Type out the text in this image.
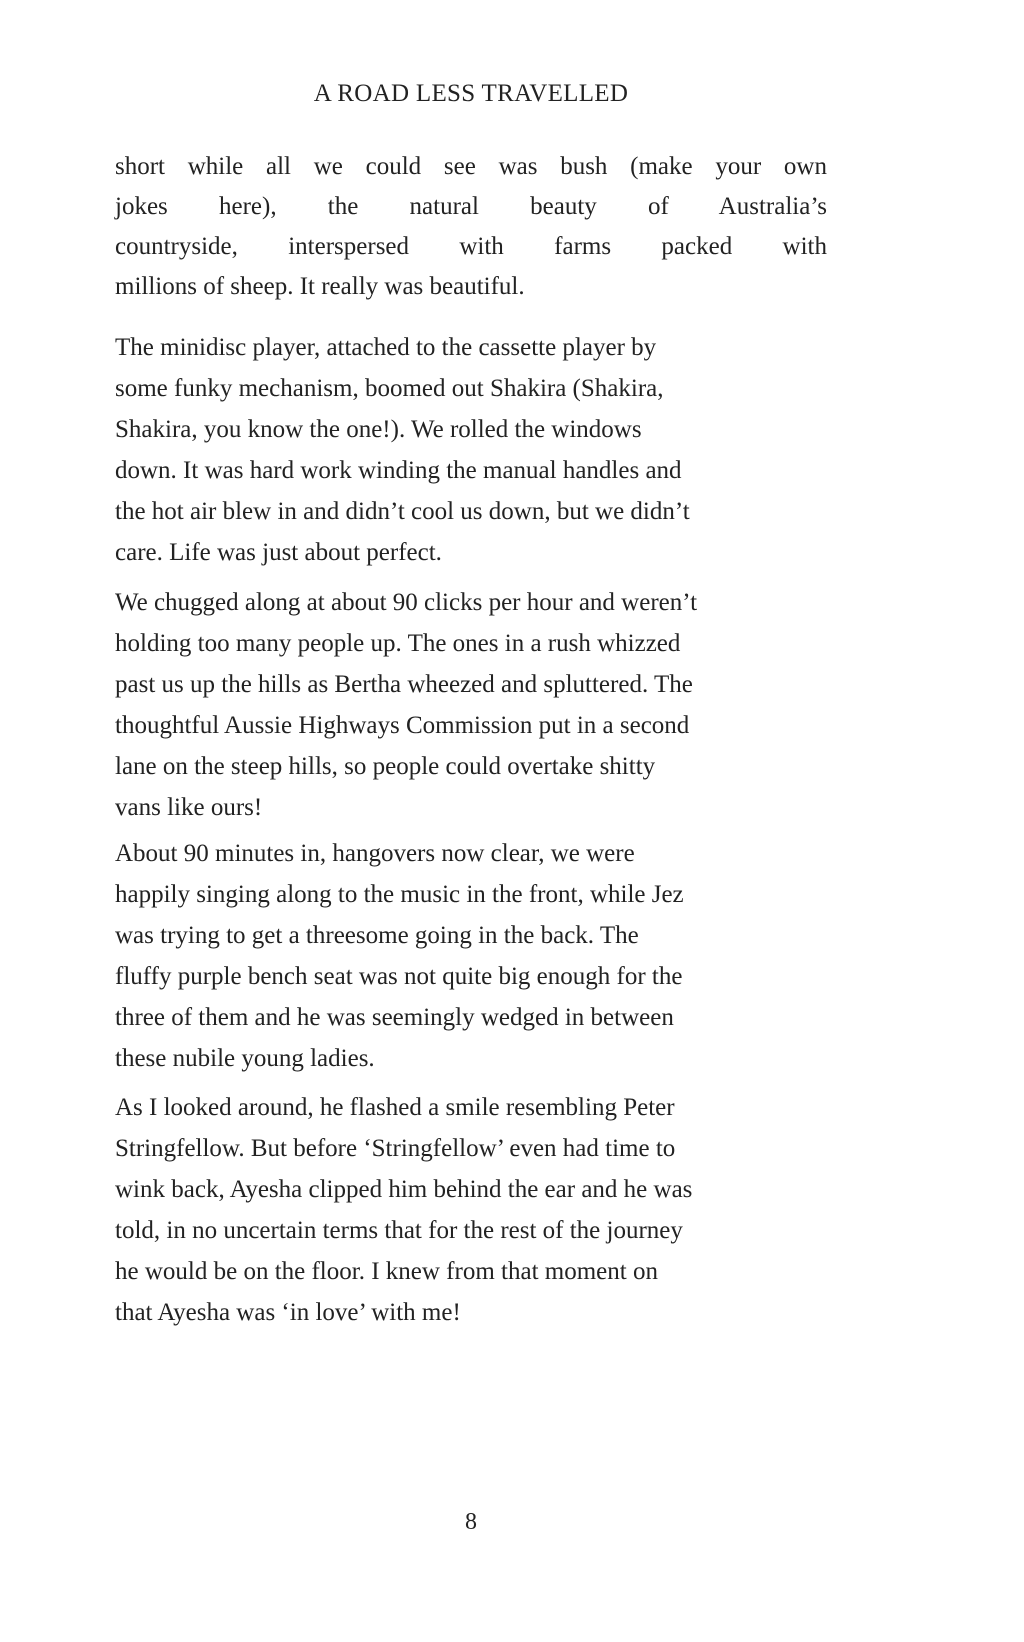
A ROAD LESS TRAVELLED
short while all we could see was bush (make your own
jokes here), the natural beauty of Australia’s
countryside, interspersed with farms packed with
millions of sheep. It really was beautiful.
The minidisc player, attached to the cassette player by
some funky mechanism, boomed out Shakira (Shakira,
Shakira, you know the one!). We rolled the windows
down. It was hard work winding the manual handles and
the hot air blew in and didn’t cool us down, but we didn’t
care. Life was just about perfect.
We chugged along at about 90 clicks per hour and weren’t
holding too many people up. The ones in a rush whizzed
past us up the hills as Bertha wheezed and spluttered. The
thoughtful Aussie Highways Commission put in a second
lane on the steep hills, so people could overtake shitty
vans like ours!
About 90 minutes in, hangovers now clear, we were
happily singing along to the music in the front, while Jez
was trying to get a threesome going in the back. The
fluffy purple bench seat was not quite big enough for the
three of them and he was seemingly wedged in between
these nubile young ladies.
As I looked around, he flashed a smile resembling Peter
Stringfellow. But before ‘Stringfellow’ even had time to
wink back, Ayesha clipped him behind the ear and he was
told, in no uncertain terms that for the rest of the journey
he would be on the floor. I knew from that moment on
that Ayesha was ‘in love’ with me!
8
